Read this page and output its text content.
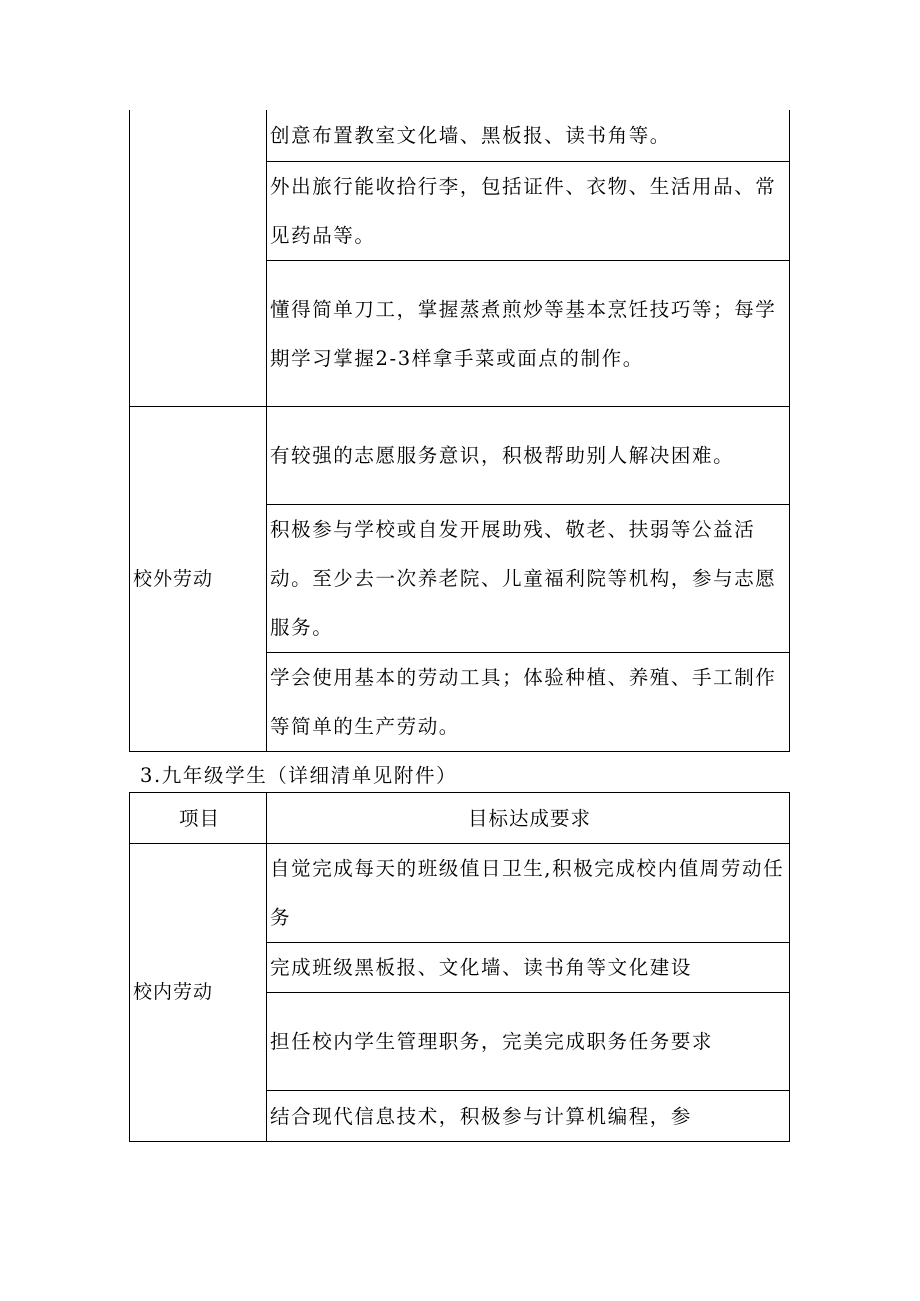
	创意布置教室文化墙、黑板报、读书角等。
	外出旅行能收拾行李，包括证件、衣物、生活用品、常见药品等。
	懂得简单刀工，掌握蒸煮煎炒等基本烹饪技巧等；每学期学习掌握2-3样拿手菜或面点的制作。
校外劳动	有较强的志愿服务意识，积极帮助别人解决困难。
	积极参与学校或自发开展助残、敬老、扶弱等公益活动。至少去一次养老院、儿童福利院等机构，参与志愿服务。
	学会使用基本的劳动工具；体验种植、养殖、手工制作等简单的生产劳动。
3.九年级学生（详细清单见附件）
项目	目标达成要求
校内劳动	自觉完成每天的班级值日卫生,积极完成校内值周劳动任务
	完成班级黑板报、文化墙、读书角等文化建设
	担任校内学生管理职务，完美完成职务任务要求
	结合现代信息技术，积极参与计算机编程，参
